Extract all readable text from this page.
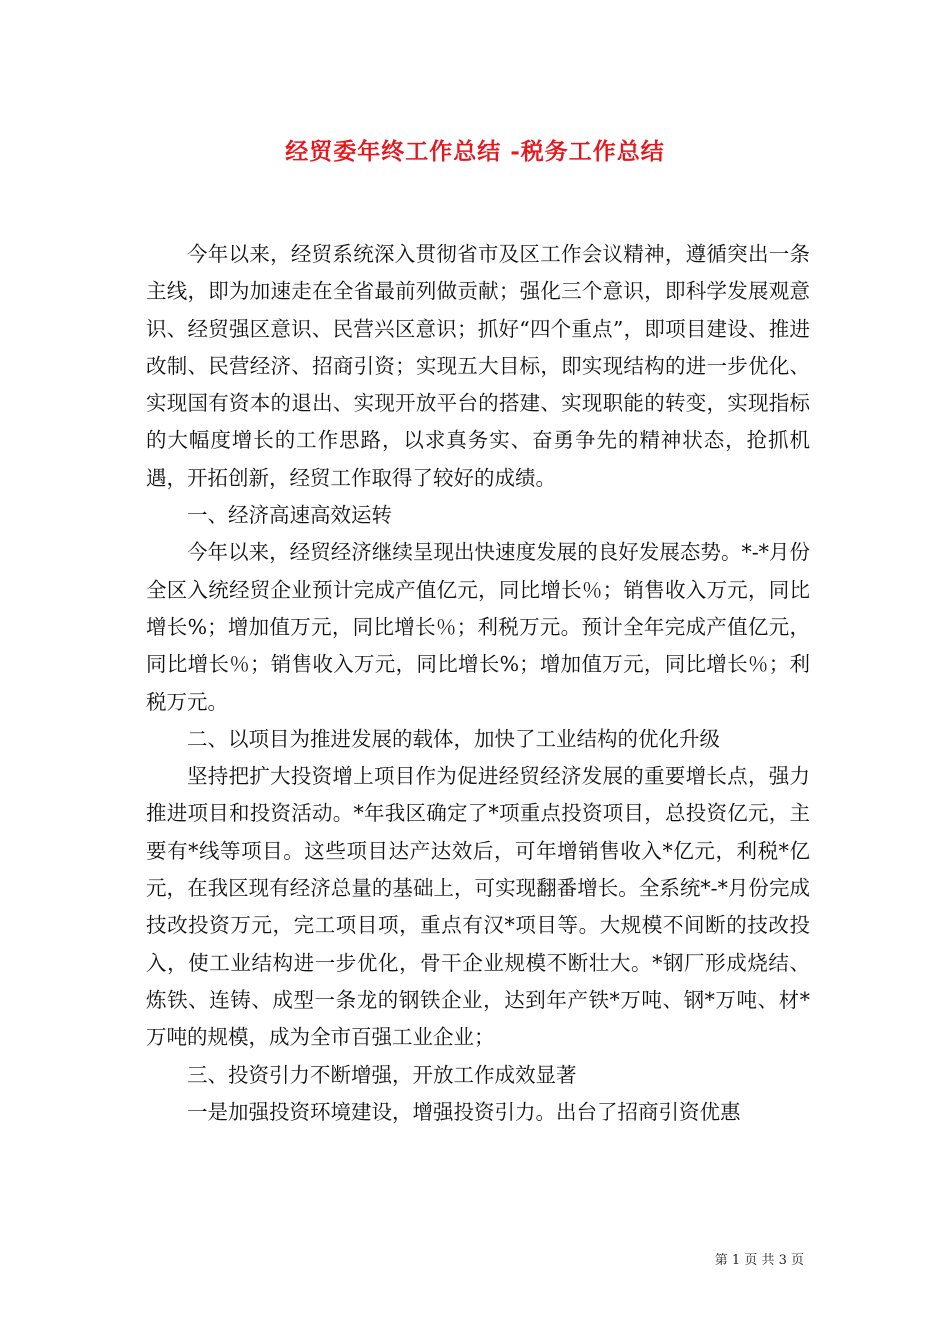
经贸委年终工作总结 -税务工作总结

今年以来，经贸系统深入贯彻省市及区工作会议精神，遵循突出一条主线，即为加速走在全省最前列做贡献；强化三个意识，即科学发展观意识、经贸强区意识、民营兴区意识；抓好“四个重点”，即项目建设、推进改制、民营经济、招商引资；实现五大目标，即实现结构的进一步优化、实现国有资本的退出、实现开放平台的搭建、实现职能的转变，实现指标的大幅度增长的工作思路，以求真务实、奋勇争先的精神状态，抢抓机遇，开拓创新，经贸工作取得了较好的成绩。

一、经济高速高效运转

今年以来，经贸经济继续呈现出快速度发展的良好发展态势。*-*月份全区入统经贸企业预计完成产值亿元，同比增长％；销售收入万元，同比增长%；增加值万元，同比增长％；利税万元。预计全年完成产值亿元，同比增长％；销售收入万元，同比增长%；增加值万元，同比增长％；利税万元。

二、以项目为推进发展的载体，加快了工业结构的优化升级

坚持把扩大投资增上项目作为促进经贸经济发展的重要增长点，强力推进项目和投资活动。*年我区确定了*项重点投资项目，总投资亿元，主要有*线等项目。这些项目达产达效后，可年增销售收入*亿元，利税*亿元，在我区现有经济总量的基础上，可实现翻番增长。全系统*-*月份完成技改投资万元，完工项目项，重点有汉*项目等。大规模不间断的技改投入，使工业结构进一步优化，骨干企业规模不断壮大。*钢厂形成烧结、炼铁、连铸、成型一条龙的钢铁企业，达到年产铁*万吨、钢*万吨、材*万吨的规模，成为全市百强工业企业；

三、投资引力不断增强，开放工作成效显著

一是加强投资环境建设，增强投资引力。出台了招商引资优惠

第 1 页 共 3 页
